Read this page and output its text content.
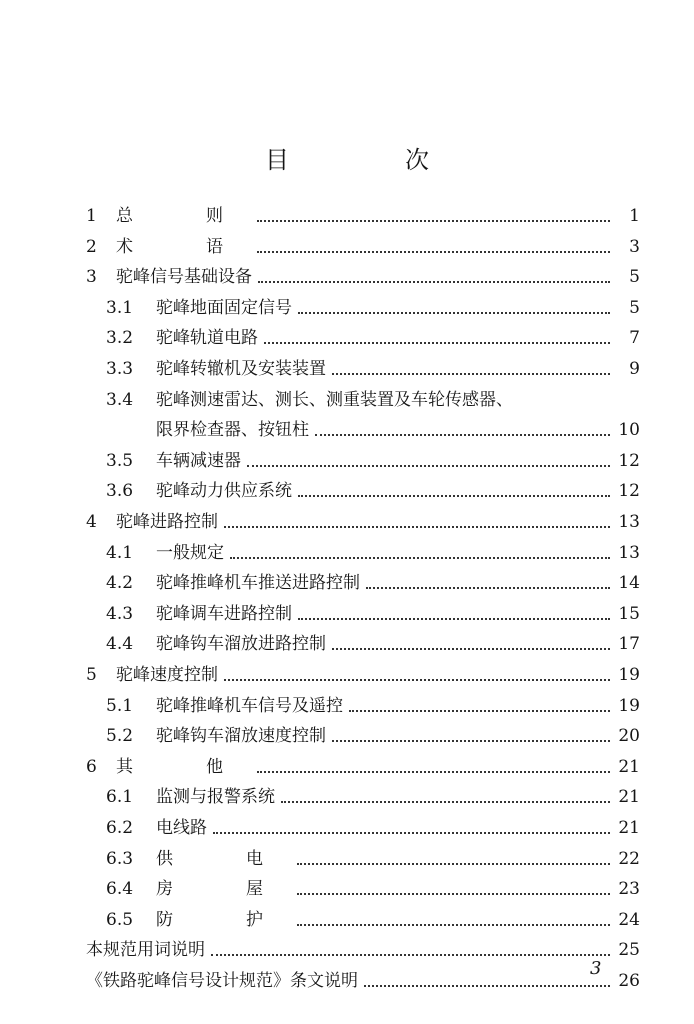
目　次
1	总　则	1
2	术　语	3
3	驼峰信号基础设备	5
3.1	驼峰地面固定信号	5
3.2	驼峰轨道电路	7
3.3	驼峰转辙机及安装装置	9
3.4	驼峰测速雷达、测长、测重装置及车轮传感器、
限界检查器、按钮柱	10
3.5	车辆减速器	12
3.6	驼峰动力供应系统	12
4	驼峰进路控制	13
4.1	一般规定	13
4.2	驼峰推峰机车推送进路控制	14
4.3	驼峰调车进路控制	15
4.4	驼峰钩车溜放进路控制	17
5	驼峰速度控制	19
5.1	驼峰推峰机车信号及遥控	19
5.2	驼峰钩车溜放速度控制	20
6	其　他	21
6.1	监测与报警系统	21
6.2	电线路	21
6.3	供　电	22
6.4	房　屋	23
6.5	防　护	24
本规范用词说明	25
《铁路驼峰信号设计规范》条文说明	26
3
